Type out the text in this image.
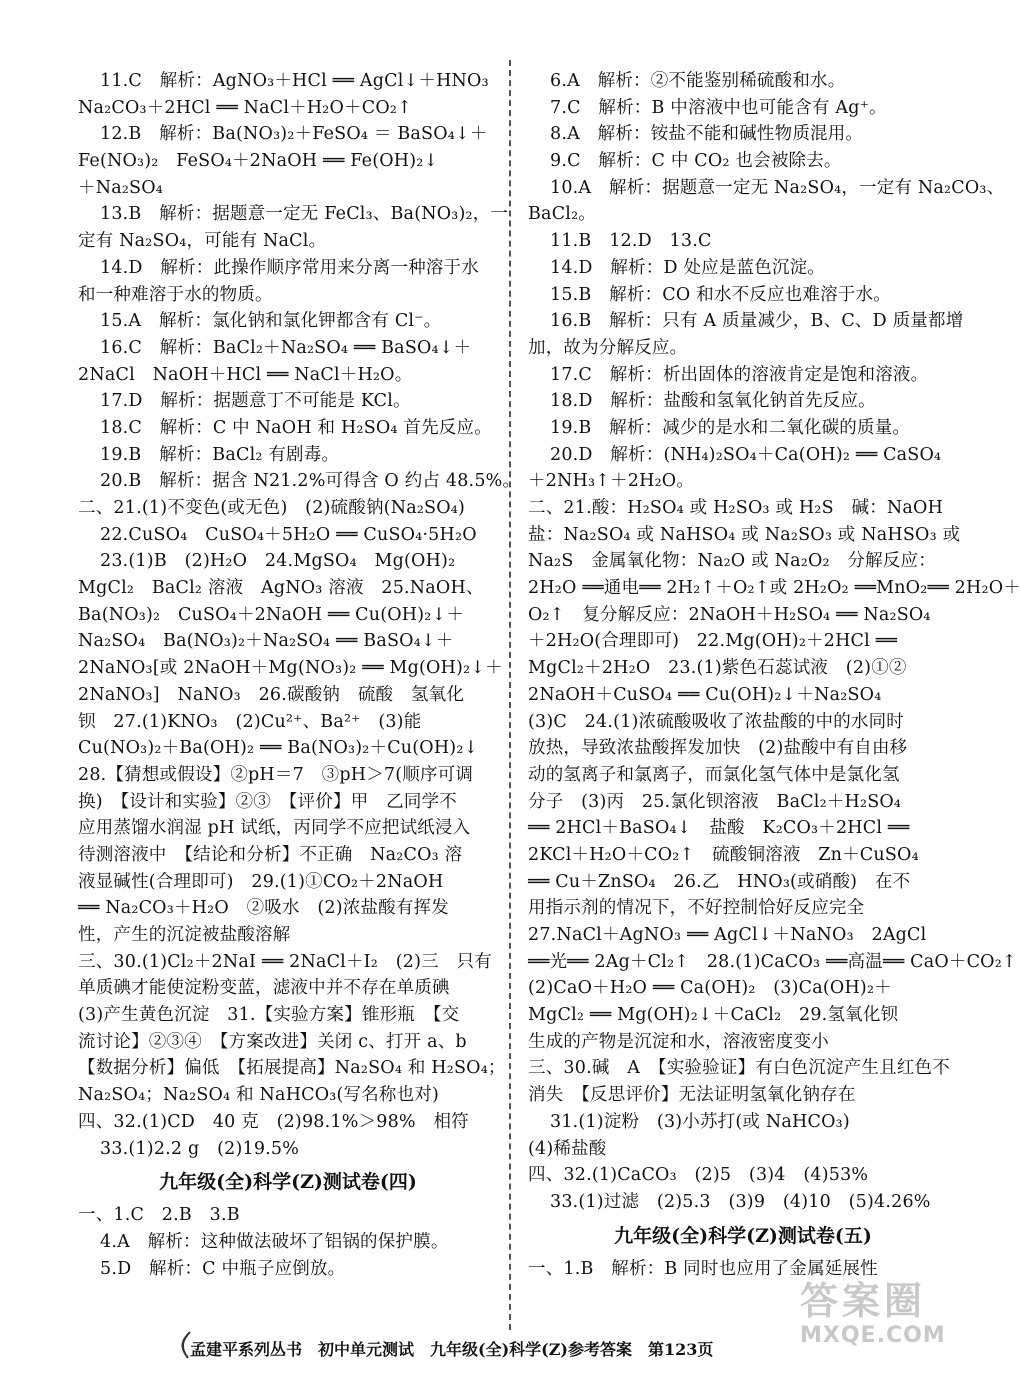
11.C　解析：AgNO₃＋HCl ══ AgCl↓＋HNO₃
Na₂CO₃＋2HCl ══ NaCl＋H₂O＋CO₂↑
12.B　解析：Ba(NO₃)₂＋FeSO₄ ＝ BaSO₄↓＋
Fe(NO₃)₂　FeSO₄＋2NaOH ══ Fe(OH)₂↓
＋Na₂SO₄
13.B　解析：据题意一定无 FeCl₃、Ba(NO₃)₂，一
定有 Na₂SO₄，可能有 NaCl。
14.D　解析：此操作顺序常用来分离一种溶于水
和一种难溶于水的物质。
15.A　解析：氯化钠和氯化钾都含有 Cl⁻。
16.C　解析：BaCl₂＋Na₂SO₄ ══ BaSO₄↓＋
2NaCl　NaOH＋HCl ══ NaCl＋H₂O。
17.D　解析：据题意丁不可能是 KCl。
18.C　解析：C 中 NaOH 和 H₂SO₄ 首先反应。
19.B　解析：BaCl₂ 有剧毒。
20.B　解析：据含 N21.2%可得含 O 约占 48.5%。
二、21.(1)不变色(或无色)　(2)硫酸钠(Na₂SO₄)
22.CuSO₄　CuSO₄＋5H₂O ══ CuSO₄·5H₂O
23.(1)B　(2)H₂O　24.MgSO₄　Mg(OH)₂
MgCl₂　BaCl₂ 溶液　AgNO₃ 溶液　25.NaOH、
Ba(NO₃)₂　CuSO₄＋2NaOH ══ Cu(OH)₂↓＋
Na₂SO₄　Ba(NO₃)₂＋Na₂SO₄ ══ BaSO₄↓＋
2NaNO₃[或 2NaOH＋Mg(NO₃)₂ ══ Mg(OH)₂↓＋
2NaNO₃]　NaNO₃　26.碳酸钠　硫酸　氢氧化
钡　27.(1)KNO₃　(2)Cu²⁺、Ba²⁺　(3)能
Cu(NO₃)₂＋Ba(OH)₂ ══ Ba(NO₃)₂＋Cu(OH)₂↓
28.【猜想或假设】②pH＝7　③pH＞7(顺序可调
换)　【设计和实验】②③　【评价】甲　乙同学不
应用蒸馏水润湿 pH 试纸，丙同学不应把试纸浸入
待测溶液中　【结论和分析】不正确　Na₂CO₃ 溶
液显碱性(合理即可)　29.(1)①CO₂＋2NaOH
══ Na₂CO₃＋H₂O　②吸水　(2)浓盐酸有挥发
性，产生的沉淀被盐酸溶解
三、30.(1)Cl₂＋2NaI ══ 2NaCl＋I₂　(2)三　只有
单质碘才能使淀粉变蓝，滤液中并不存在单质碘
(3)产生黄色沉淀　31.【实验方案】锥形瓶　【交
流讨论】②③④　【方案改进】关闭 c、打开 a、b
【数据分析】偏低　【拓展提高】Na₂SO₄ 和 H₂SO₄；
Na₂SO₄；Na₂SO₄ 和 NaHCO₃(写名称也对)
四、32.(1)CD　40 克　(2)98.1%＞98%　相符
33.(1)2.2 g　(2)19.5%
九年级(全)科学(Z)测试卷(四)
一、1.C　2.B　3.B
4.A　解析：这种做法破坏了铝锅的保护膜。
5.D　解析：C 中瓶子应倒放。
6.A　解析：②不能鉴别稀硫酸和水。
7.C　解析：B 中溶液中也可能含有 Ag⁺。
8.A　解析：铵盐不能和碱性物质混用。
9.C　解析：C 中 CO₂ 也会被除去。
10.A　解析：据题意一定无 Na₂SO₄，一定有 Na₂CO₃、
BaCl₂。
11.B　12.D　13.C
14.D　解析：D 处应是蓝色沉淀。
15.B　解析：CO 和水不反应也难溶于水。
16.B　解析：只有 A 质量减少，B、C、D 质量都增
加，故为分解反应。
17.C　解析：析出固体的溶液肯定是饱和溶液。
18.D　解析：盐酸和氢氧化钠首先反应。
19.B　解析：减少的是水和二氧化碳的质量。
20.D　解析：(NH₄)₂SO₄＋Ca(OH)₂ ══ CaSO₄
＋2NH₃↑＋2H₂O。
二、21.酸：H₂SO₄ 或 H₂SO₃ 或 H₂S　碱：NaOH
盐：Na₂SO₄ 或 NaHSO₄ 或 Na₂SO₃ 或 NaHSO₃ 或
Na₂S　金属氧化物：Na₂O 或 Na₂O₂　分解反应：
2H₂O ══通电══ 2H₂↑＋O₂↑或 2H₂O₂ ══MnO₂══ 2H₂O＋
O₂↑　复分解反应：2NaOH＋H₂SO₄ ══ Na₂SO₄
＋2H₂O(合理即可)　22.Mg(OH)₂＋2HCl ══
MgCl₂＋2H₂O　23.(1)紫色石蕊试液　(2)①②
2NaOH＋CuSO₄ ══ Cu(OH)₂↓＋Na₂SO₄
(3)C　24.(1)浓硫酸吸收了浓盐酸的中的水同时
放热，导致浓盐酸挥发加快　(2)盐酸中有自由移
动的氢离子和氯离子，而氯化氢气体中是氯化氢
分子　(3)丙　25.氯化钡溶液　BaCl₂＋H₂SO₄
══ 2HCl＋BaSO₄↓　盐酸　K₂CO₃＋2HCl ══
2KCl＋H₂O＋CO₂↑　硫酸铜溶液　Zn＋CuSO₄
══ Cu＋ZnSO₄　26.乙　HNO₃(或硝酸)　在不
用指示剂的情况下，不好控制恰好反应完全
27.NaCl＋AgNO₃ ══ AgCl↓＋NaNO₃　2AgCl
══光══ 2Ag＋Cl₂↑　28.(1)CaCO₃ ══高温══ CaO＋CO₂↑
(2)CaO＋H₂O ══ Ca(OH)₂　(3)Ca(OH)₂＋
MgCl₂ ══ Mg(OH)₂↓＋CaCl₂　29.氢氧化钡
生成的产物是沉淀和水，溶液密度变小
三、30.碱　A　【实验验证】有白色沉淀产生且红色不
消失　【反思评价】无法证明氢氧化钠存在
31.(1)淀粉　(3)小苏打(或 NaHCO₃)
(4)稀盐酸
四、32.(1)CaCO₃　(2)5　(3)4　(4)53%
33.(1)过滤　(2)5.3　(3)9　(4)10　(5)4.26%
九年级(全)科学(Z)测试卷(五)
一、1.B　解析：B 同时也应用了金属延展性
孟建平系列丛书　初中单元测试　九年级(全)科学(Z)参考答案　第123页
答案圈
MXQE.COM
